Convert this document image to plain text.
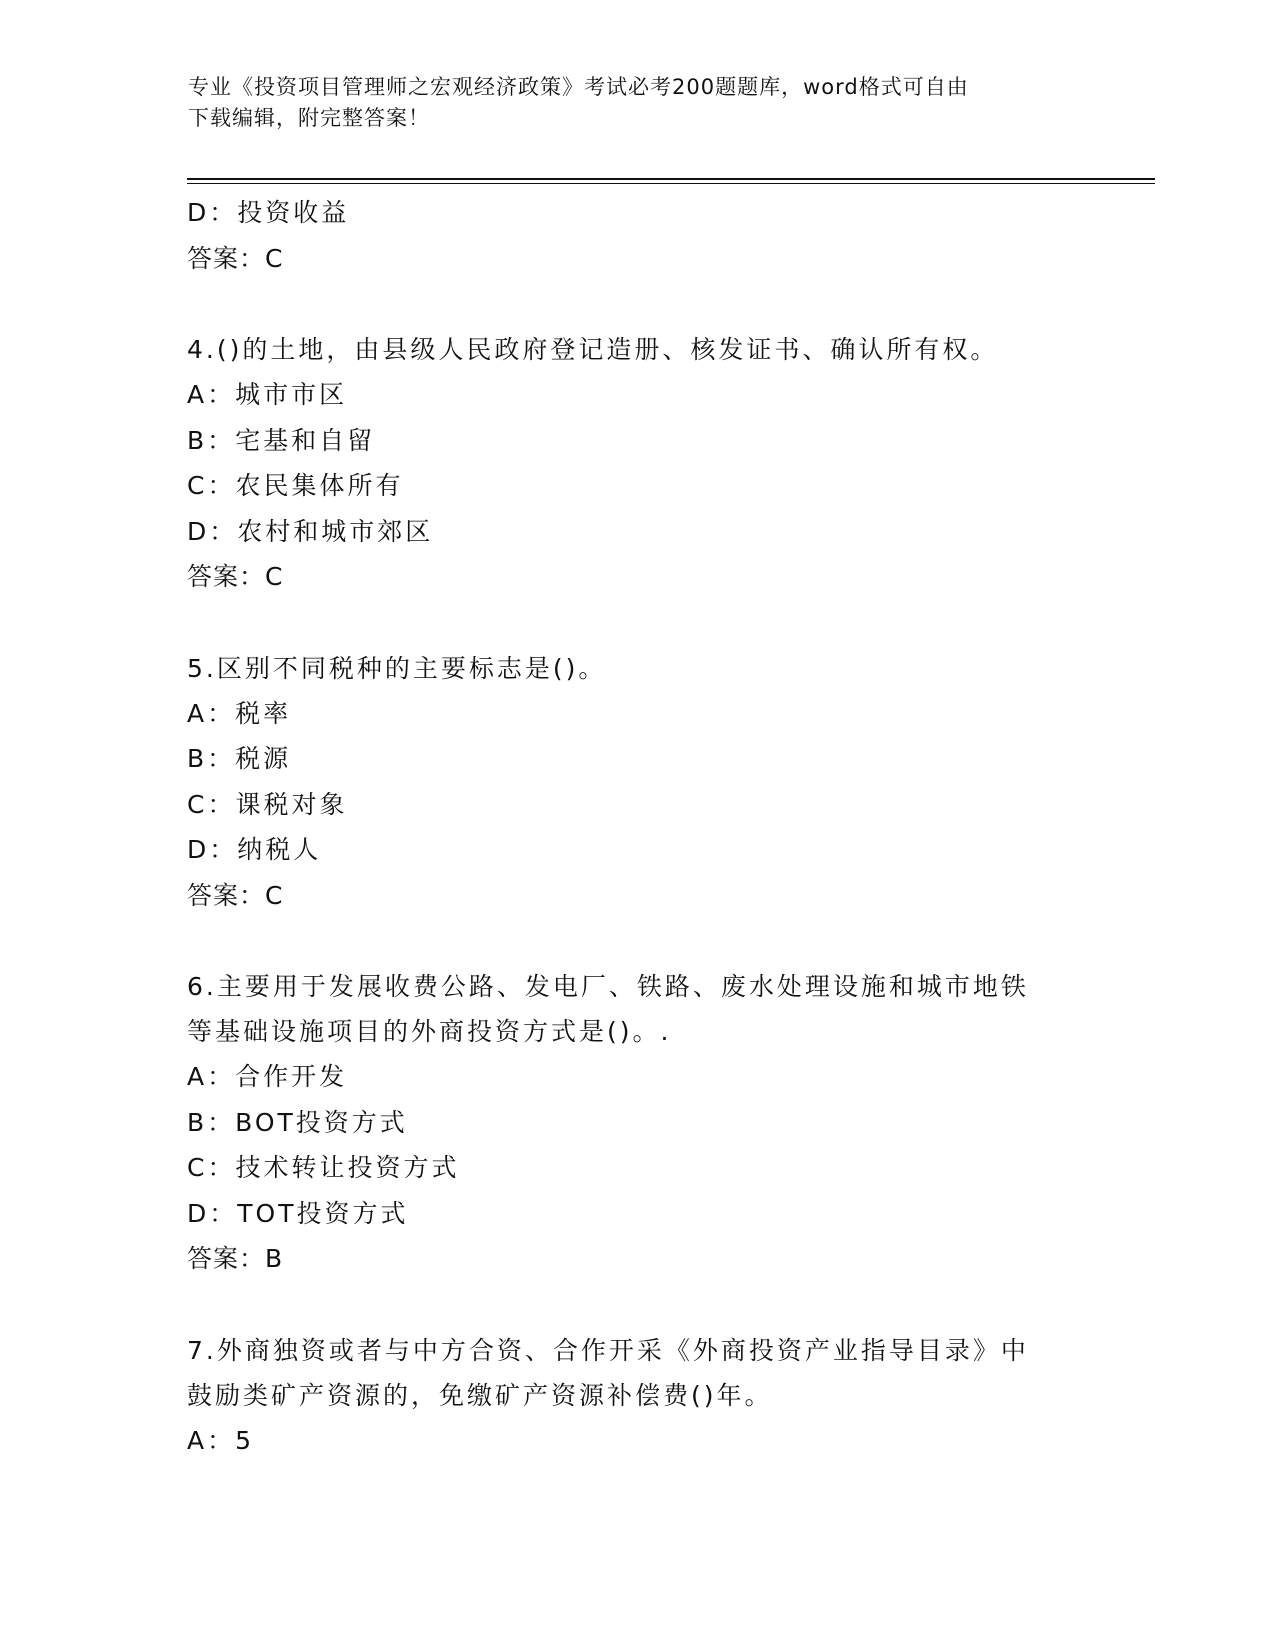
专业《投资项目管理师之宏观经济政策》考试必考200题题库，word格式可自由
下载编辑，附完整答案！
D：投资收益
答案：C
4.()的土地，由县级人民政府登记造册、核发证书、确认所有权。
A：城市市区
B：宅基和自留
C：农民集体所有
D：农村和城市郊区
答案：C
5.区别不同税种的主要标志是()。
A：税率
B：税源
C：课税对象
D：纳税人
答案：C
6.主要用于发展收费公路、发电厂、铁路、废水处理设施和城市地铁
等基础设施项目的外商投资方式是()。.
A：合作开发
B：BOT投资方式
C：技术转让投资方式
D：TOT投资方式
答案：B
7.外商独资或者与中方合资、合作开采《外商投资产业指导目录》中
鼓励类矿产资源的，免缴矿产资源补偿费()年。
A：5
